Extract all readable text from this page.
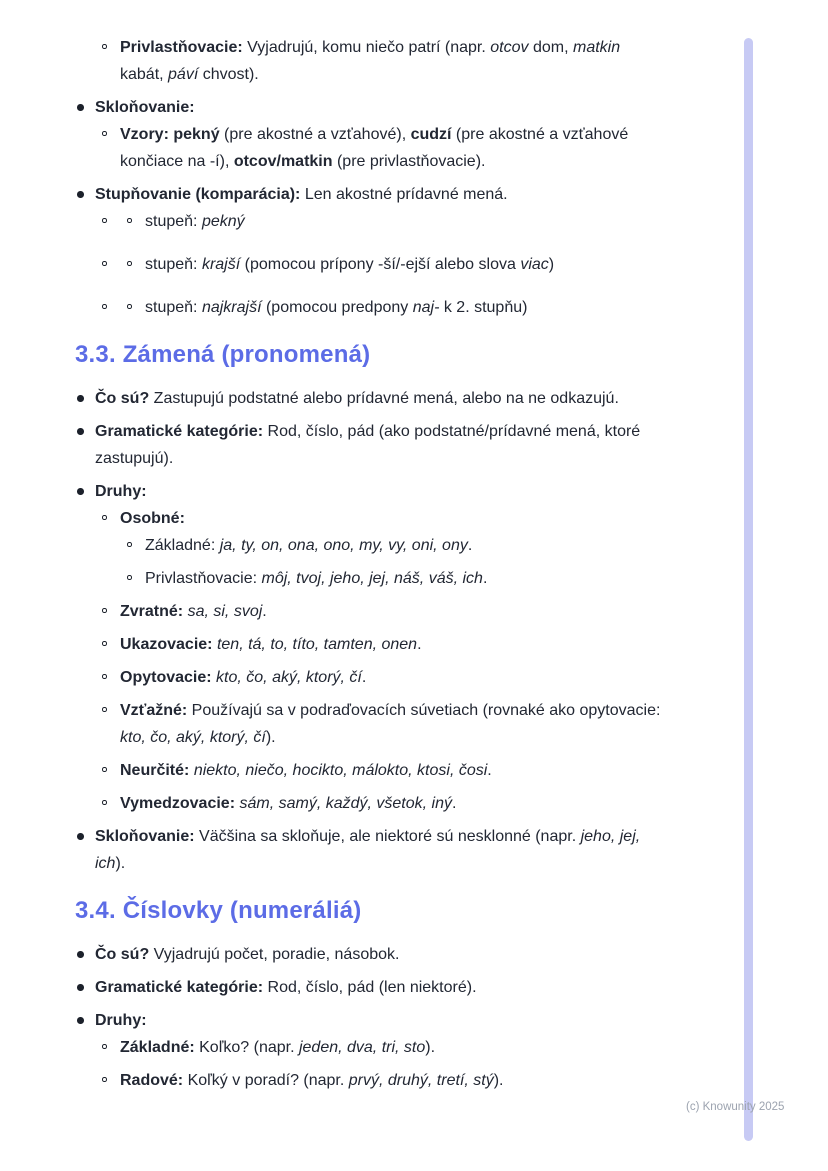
Privlastňovacie: Vyjadrujú, komu niečo patrí (napr. otcov dom, matkin kabát, páví chvost).
Skloňovanie:
Vzory: pekný (pre akostné a vzťahové), cudzí (pre akostné a vzťahové končiace na -í), otcov/matkin (pre privlastňovacie).
Stupňovanie (komparácia): Len akostné prídavné mená.
stupeň: pekný
stupeň: krajší (pomocou prípony -ší/-ejší alebo slova viac)
stupeň: najkrajší (pomocou predpony naj- k 2. stupňu)
3.3. Zámená (pronomená)
Čo sú? Zastupujú podstatné alebo prídavné mená, alebo na ne odkazujú.
Gramatické kategórie: Rod, číslo, pád (ako podstatné/prídavné mená, ktoré zastupujú).
Druhy:
Osobné:
Základné: ja, ty, on, ona, ono, my, vy, oni, ony.
Privlastňovacie: môj, tvoj, jeho, jej, náš, váš, ich.
Zvratné: sa, si, svoj.
Ukazovacie: ten, tá, to, títo, tamten, onen.
Opytovacie: kto, čo, aký, ktorý, čí.
Vzťažné: Používajú sa v podraďovacích súvetiach (rovnaké ako opytovacie: kto, čo, aký, ktorý, čí).
Neurčité: niekto, niečo, hocikto, málokto, ktosi, čosi.
Vymedzovacie: sám, samý, každý, všetok, iný.
Skloňovanie: Väčšina sa skloňuje, ale niektoré sú nesklonné (napr. jeho, jej, ich).
3.4. Číslovky (numeráliá)
Čo sú? Vyjadrujú počet, poradie, násobok.
Gramatické kategórie: Rod, číslo, pád (len niektoré).
Druhy:
Základné: Koľko? (napr. jeden, dva, tri, sto).
Radové: Koľký v poradí? (napr. prvý, druhý, tretí, stý).
(c) Knowunity 2025
